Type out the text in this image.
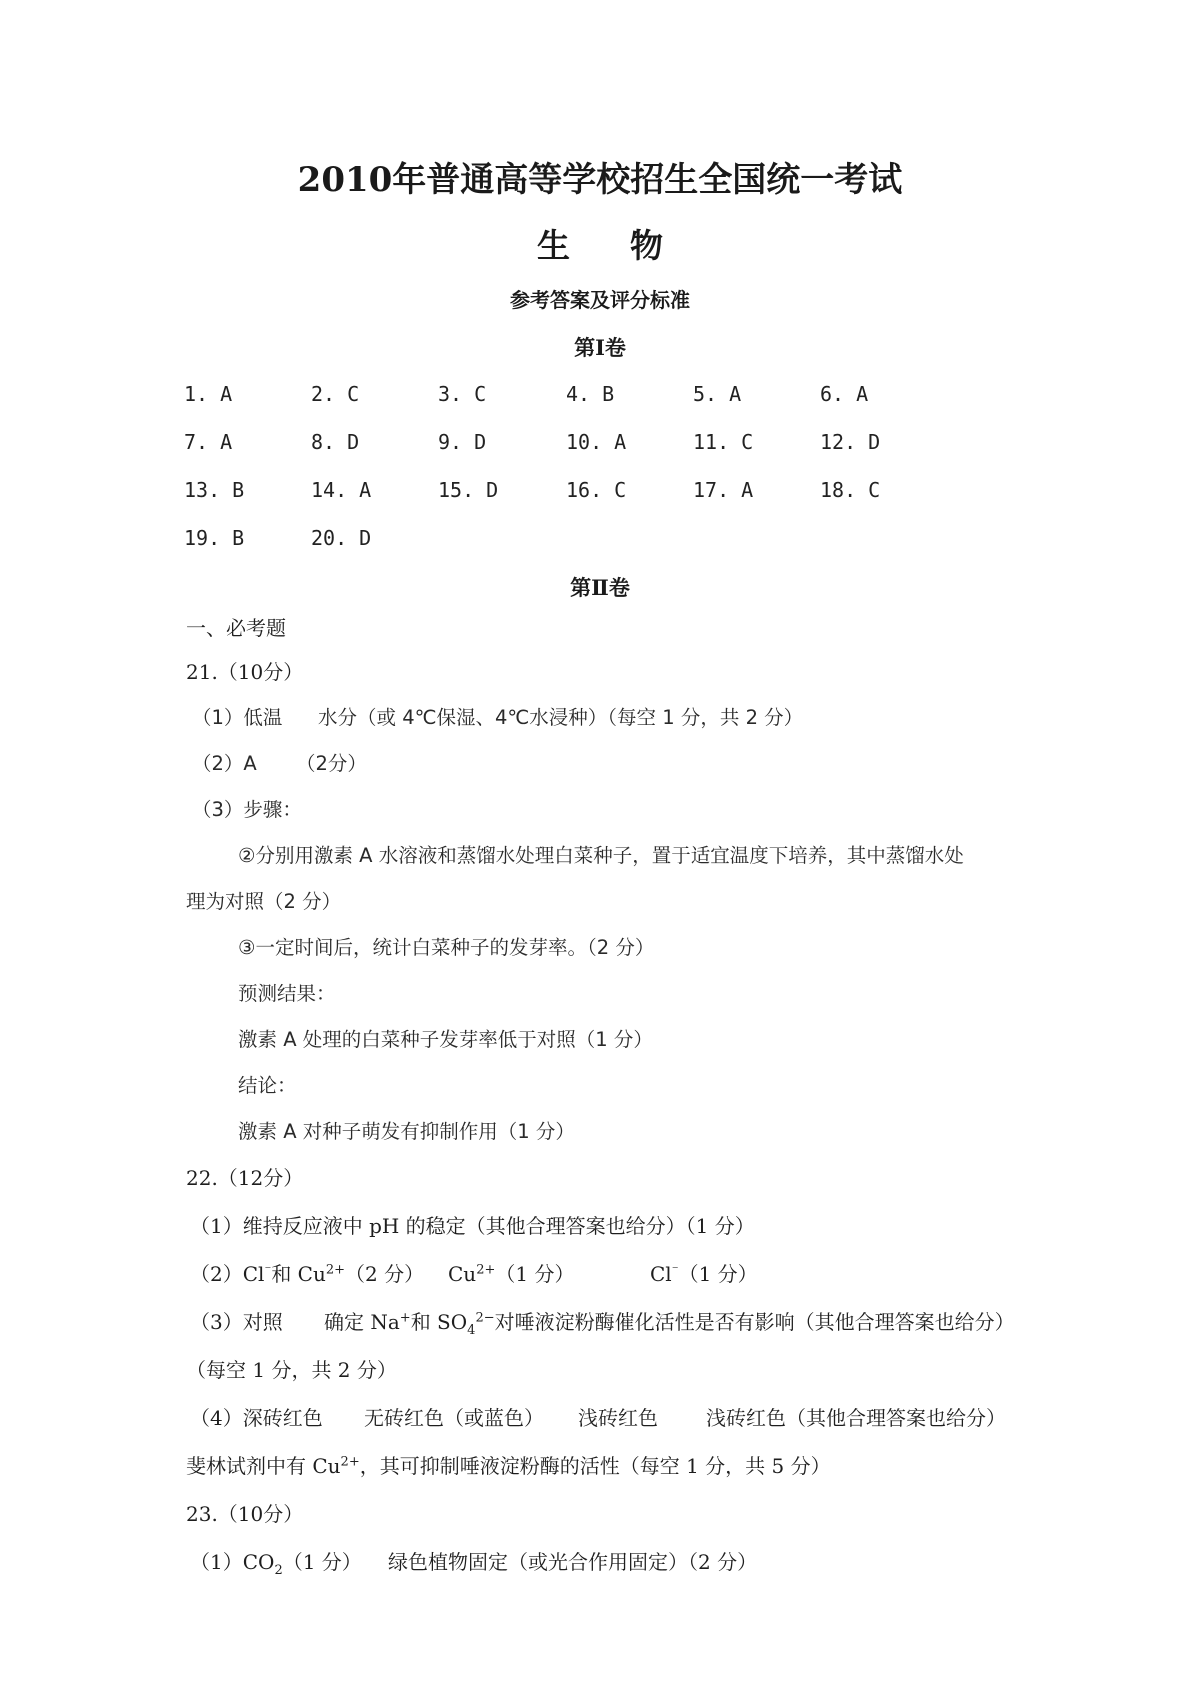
2010年普通高等学校招生全国统一考试
生物
参考答案及评分标准
第Ⅰ卷
1. A	2. C	3. C	4. B	5. A	6. A
7. A	8. D	9. D	10. A	11. C	12. D
13. B	14. A	15. D	16. C	17. A	18. C
19. B	20. D
第Ⅱ卷
一、必考题
21.（10分）
（1）低温 水分（或 4℃保湿、4℃水浸种）（每空 1 分，共 2 分）
（2）A （2分）
（3）步骤：
②分别用激素 A 水溶液和蒸馏水处理白菜种子，置于适宜温度下培养，其中蒸馏水处
理为对照（2 分）
③一定时间后，统计白菜种子的发芽率。（2 分）
预测结果：
激素 A 处理的白菜种子发芽率低于对照（1 分）
结论：
激素 A 对种子萌发有抑制作用（1 分）
22.（12分）
（1）维持反应液中 pH 的稳定（其他合理答案也给分）（1 分）
（2）Cl⁻和 $Cu^{2+}(2$ 分） $Cu^{2+}(1$ 分）	Cl⁻（1 分）
（3）对照 确定 Na+和 $SO_4^{2-}$对唾液淀粉酶催化活性是否有影响（其他合理答案也给分）
（每空 1 分，共 2 分）
（4）深砖红色 无砖红色（或蓝色） 浅砖红色 浅砖红色（其他合理答案也给分）
斐林试剂中有 $Cu^{2+}$，其可抑制唾液淀粉酶的活性（每空 1 分，共 5 分）
23.（10分）
$(1)CO_2(1$ 分） 绿色植物固定（或光合作用固定）（2 分）
